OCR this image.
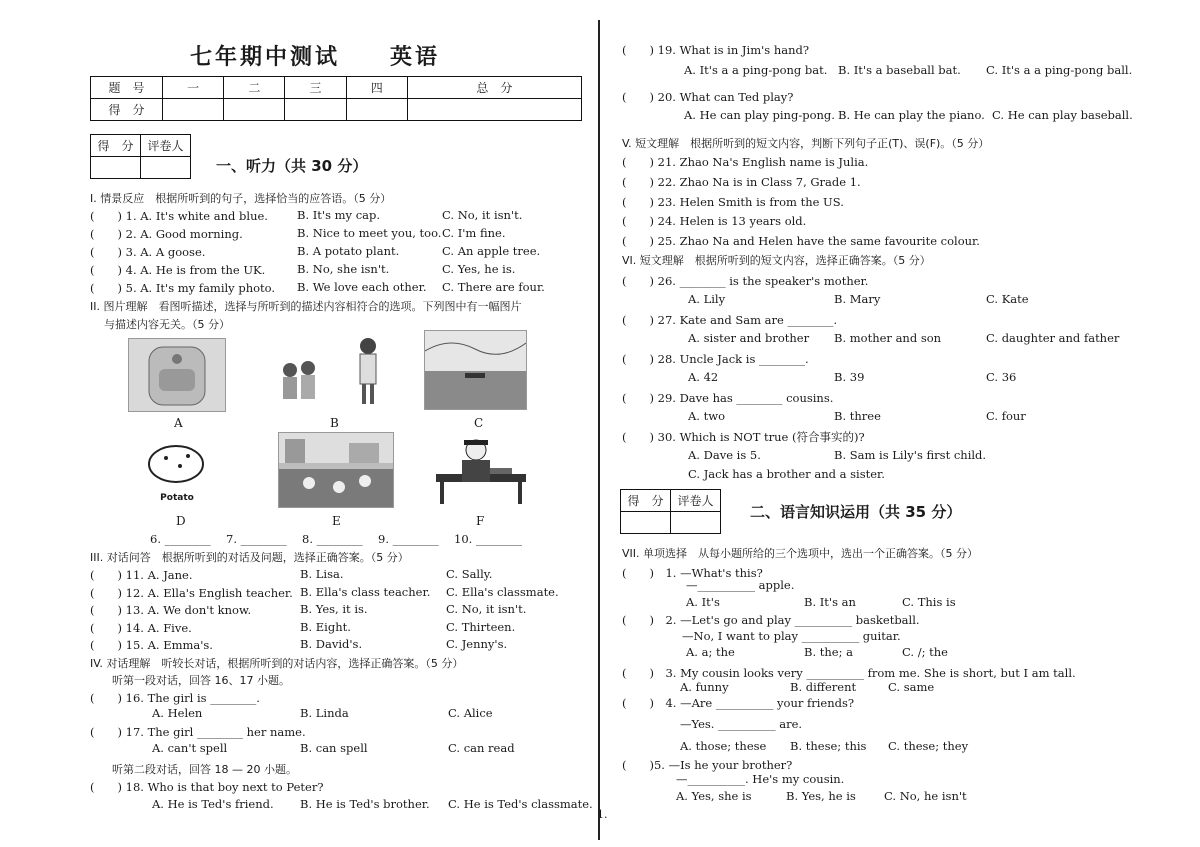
七年期中测试　　英语
题　号	一	二	三	四	总　分
得　分					
得　分	评卷人

一、听力（共 30 分）
I. 情景反应　根据所听到的句子，选择恰当的应答语。（5 分）
(　　) 1. A. It's white and blue.	B. It's my cap.	C. No, it isn't.
(　　) 2. A. Good morning.	B. Nice to meet you, too. C. I'm fine.
(　　) 3. A. A goose.	B. A potato plant.	C. An apple tree.
(　　) 4. A. He is from the UK.	B. No, she isn't.	C. Yes, he is.
(　　) 5. A. It's my family photo. B. We love each other. C. There are four.
II. 图片理解　看图听描述，选择与所听到的描述内容相符合的选项。下列图中有一幅图片
与描述内容无关。（5 分）
A	B	C
Potato
D	E	F
6. ________ 7. ________ 8. ________ 9. ________ 10. ________
III. 对话问答　根据所听到的对话及问题，选择正确答案。（5 分）
(　　) 11. A. Jane.	B. Lisa.	C. Sally.
(　　) 12. A. Ella's English teacher. B. Ella's class teacher. C. Ella's classmate.
(　　) 13. A. We don't know.	B. Yes, it is.	C. No, it isn't.
(　　) 14. A. Five.	B. Eight.	C. Thirteen.
(　　) 15. A. Emma's.	B. David's.	C. Jenny's.
IV. 对话理解　听较长对话，根据所听到的对话内容，选择正确答案。（5 分）
听第一段对话，回答 16、17 小题。
(　　) 16. The girl is ________.
A. Helen	B. Linda	C. Alice
(　　) 17. The girl ________ her name.
A. can't spell	B. can spell	C. can read
听第二段对话，回答 18 — 20 小题。
(　　) 18. Who is that boy next to Peter?
A. He is Ted's friend. B. He is Ted's brother. C. He is Ted's classmate.
(　　) 19. What is in Jim's hand?
A. It's a a ping-pong bat. B. It's a baseball bat. C. It's a a ping-pong ball.
(　　) 20. What can Ted play?
A. He can play ping-pong. B. He can play the piano. C. He can play baseball.
V. 短文理解　根据所听到的短文内容，判断下列句子正(T)、误(F)。（5 分）
(　　) 21. Zhao Na's English name is Julia.
(　　) 22. Zhao Na is in Class 7, Grade 1.
(　　) 23. Helen Smith is from the US.
(　　) 24. Helen is 13 years old.
(　　) 25. Zhao Na and Helen have the same favourite colour.
VI. 短文理解　根据所听到的短文内容，选择正确答案。（5 分）
(　　) 26. ________ is the speaker's mother.
A. Lily	B. Mary	C. Kate
(　　) 27. Kate and Sam are ________.
A. sister and brother B. mother and son	C. daughter and father
(　　) 28. Uncle Jack is ________.
A. 42	B. 39	C. 36
(　　) 29. Dave has ________ cousins.
A. two	B. three	C. four
(　　) 30. Which is NOT true (符合事实的)?
A. Dave is 5.	B. Sam is Lily's first child.
C. Jack has a brother and a sister.
得　分	评卷人

二、语言知识运用（共 35 分）
VII. 单项选择　从每小题所给的三个选项中，选出一个正确答案。（5 分）
(　　)　1. —What's this?
—__________ apple.
A. It's	B. It's an	C. This is
(　　)　2. —Let's go and play __________ basketball.
—No, I want to play __________ guitar.
A. a; the	B. the; a	C. /; the
(　　)　3. My cousin looks very __________ from me. She is short, but I am tall.
A. funny	B. different	C. same
(　　)　4. —Are __________ your friends?
—Yes. __________ are.
A. those; these B. these; this C. these; they
(　　)5. —Is he your brother?
—__________. He's my cousin.
A. Yes, she is	B. Yes, he is C. No, he isn't
1.
